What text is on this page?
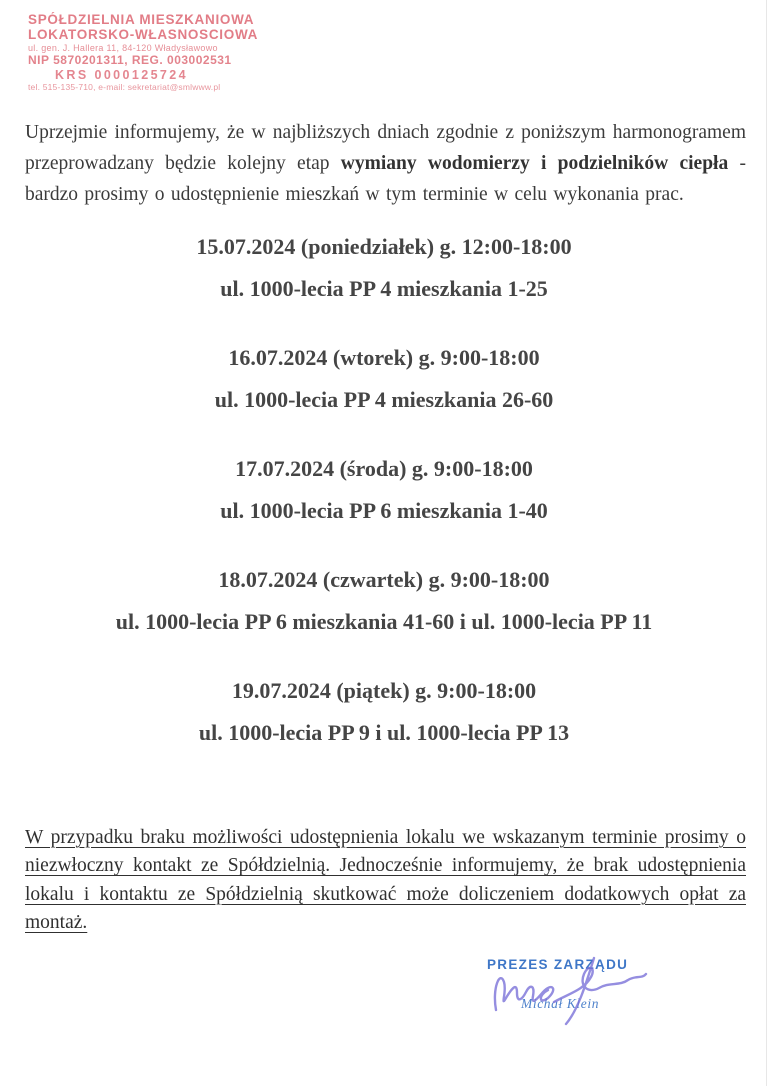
SPÓŁDZIELNIA MIESZKANIOWA
LOKATORSKO-WŁASNOSCIOWA
ul. gen. J. Hallera 11, 84-120 Władysławowo
NIP 5870201311, REG. 003002531
KRS 0000125724
tel. 515-135-710, e-mail: sekretariat@smlwww.pl

Uprzejmie informujemy, że w najbliższych dniach zgodnie z poniższym harmonogramem przeprowadzany będzie kolejny etap wymiany wodomierzy i podzielników ciepła - bardzo prosimy o udostępnienie mieszkań w tym terminie w celu wykonania prac.

15.07.2024 (poniedziałek) g. 12:00-18:00
ul. 1000-lecia PP 4 mieszkania 1-25
16.07.2024 (wtorek) g. 9:00-18:00
ul. 1000-lecia PP 4 mieszkania 26-60
17.07.2024 (środa) g. 9:00-18:00
ul. 1000-lecia PP 6 mieszkania 1-40
18.07.2024 (czwartek) g. 9:00-18:00
ul. 1000-lecia PP 6 mieszkania 41-60 i ul. 1000-lecia PP 11
19.07.2024 (piątek) g. 9:00-18:00
ul. 1000-lecia PP 9 i ul. 1000-lecia PP 13

W przypadku braku możliwości udostępnienia lokalu we wskazanym terminie prosimy o niezwłoczny kontakt ze Spółdzielnią. Jednocześnie informujemy, że brak udostępnienia lokalu i kontaktu ze Spółdzielnią skutkować może doliczeniem dodatkowych opłat za montaż.

PREZES ZARZĄDU
Michał Klein
